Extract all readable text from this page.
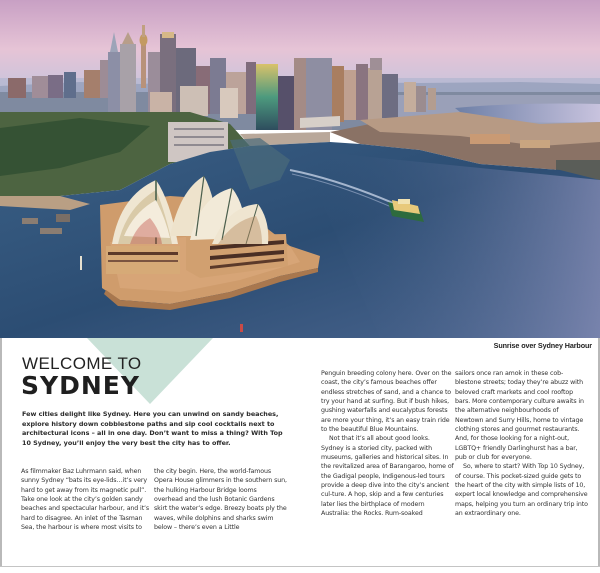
Sunrise over Sydney Harbour
WELCOME TO
SYDNEY
Few cities delight like Sydney. Here you can unwind on sandy beaches, explore history down cobblestone paths and sip cool cocktails next to architectural icons – all in one day. Don’t want to miss a thing? With Top 10 Sydney, you’ll enjoy the very best the city has to offer.

As filmmaker Baz Luhrmann said, when sunny Sydney “bats its eye-lids…it’s very hard to get away from its magnetic pull”. Take one look at the city’s golden sandy beaches and spectacular harbour, and it’s hard to disagree. An inlet of the Tasman Sea, the harbour is where most visits to

the city begin. Here, the world-famous Opera House glimmers in the southern sun, the hulking Harbour Bridge looms overhead and the lush Botanic Gardens skirt the water’s edge. Breezy boats ply the waves, while dolphins and sharks swim below – there’s even a Little

Penguin breeding colony here. Over on the coast, the city’s famous beaches offer endless stretches of sand, and a chance to try your hand at surfing. But if bush hikes, gushing waterfalls and eucalyptus forests are more your thing, it’s an easy train ride to the beautiful Blue Mountains.

Not that it’s all about good looks. Sydney is a storied city, packed with museums, galleries and historical sites. In the revitalized area of Barangaroo, home of the Gadigal people, Indigenous-led tours provide a deep dive into the city’s ancient cul-ture. A hop, skip and a few centuries later lies the birthplace of modern Australia: the Rocks. Rum-soaked

sailors once ran amok in these cob-blestone streets; today they’re abuzz with beloved craft markets and cool rooftop bars. More contemporary culture awaits in the alternative neighbourhoods of Newtown and Surry Hills, home to vintage clothing stores and gourmet restaurants. And, for those looking for a night-out, LGBTQ+ friendly Darlinghurst has a bar, pub or club for everyone.

So, where to start? With Top 10 Sydney, of course. This pocket-sized guide gets to the heart of the city with simple lists of 10, expert local knowledge and comprehensive maps, helping you turn an ordinary trip into an extraordinary one.
